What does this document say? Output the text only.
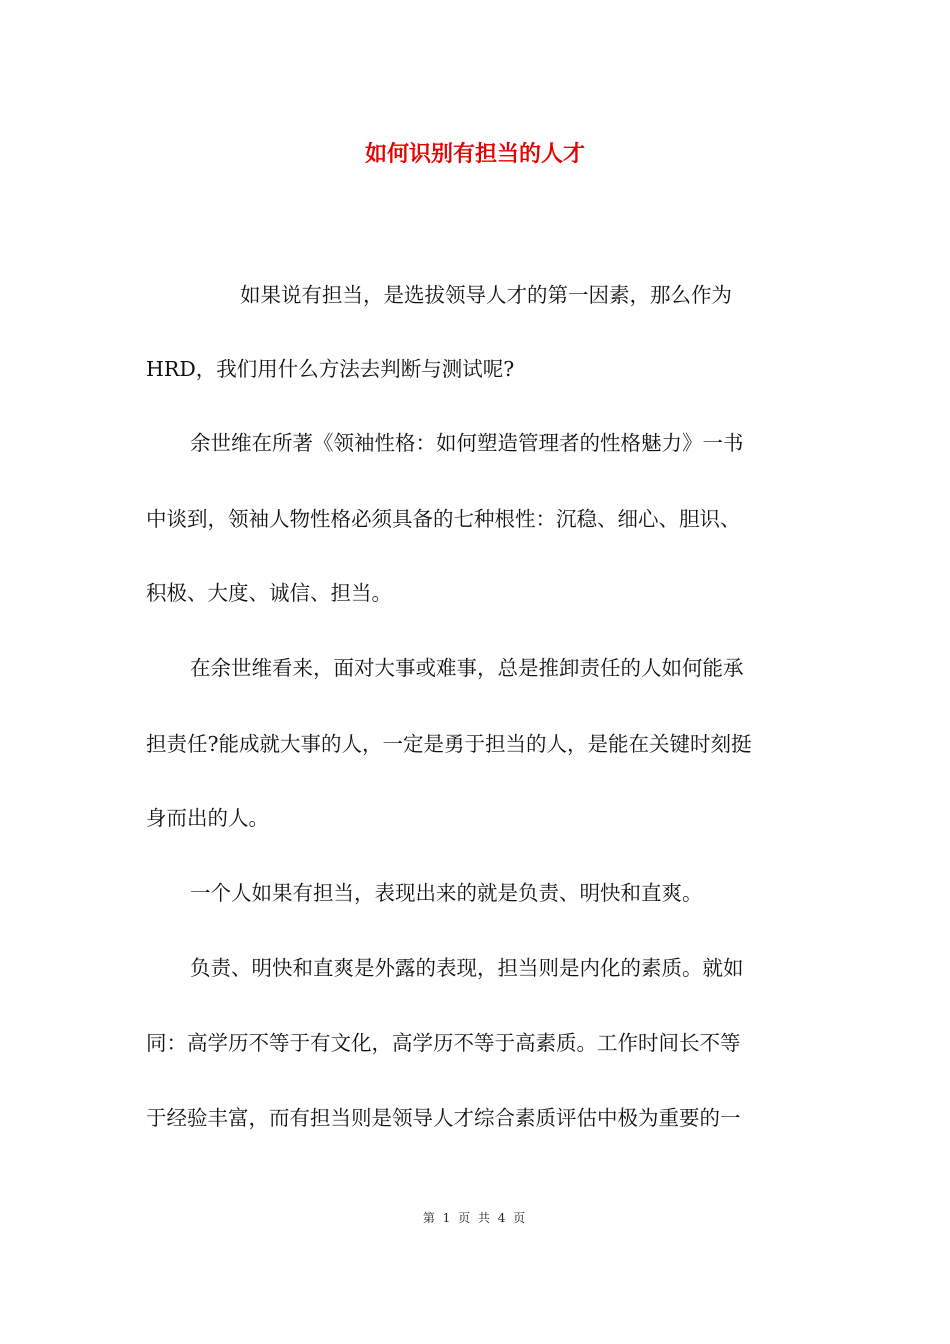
如何识别有担当的人才
如果说有担当，是选拔领导人才的第一因素，那么作为
HRD，我们用什么方法去判断与测试呢?
余世维在所著《领袖性格：如何塑造管理者的性格魅力》一书
中谈到，领袖人物性格必须具备的七种根性：沉稳、细心、胆识、
积极、大度、诚信、担当。
在余世维看来，面对大事或难事，总是推卸责任的人如何能承
担责任?能成就大事的人，一定是勇于担当的人，是能在关键时刻挺
身而出的人。
一个人如果有担当，表现出来的就是负责、明快和直爽。
负责、明快和直爽是外露的表现，担当则是内化的素质。就如
同：高学历不等于有文化，高学历不等于高素质。工作时间长不等
于经验丰富，而有担当则是领导人才综合素质评估中极为重要的一
第 1 页 共 4 页
